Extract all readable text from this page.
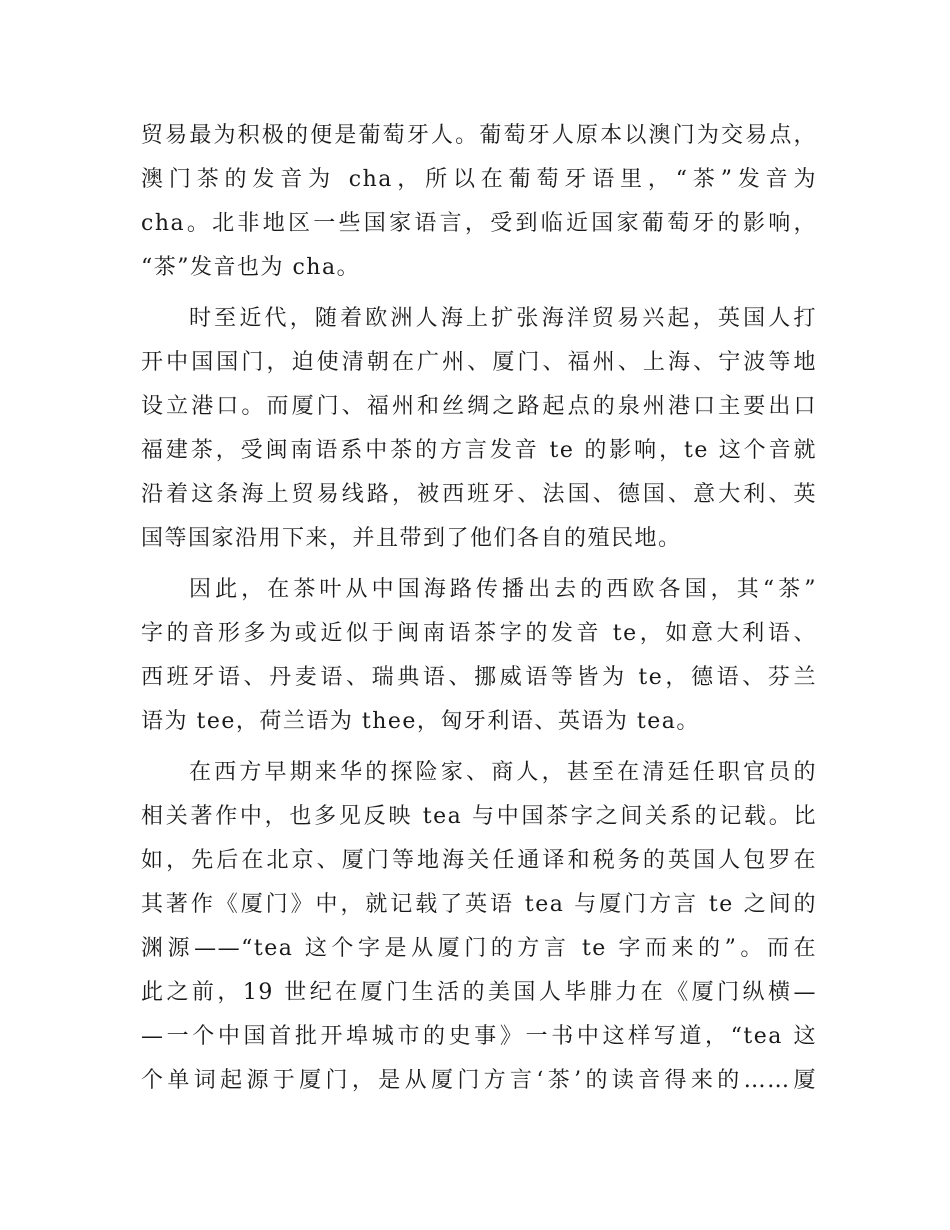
贸易最为积极的便是葡萄牙人。葡萄牙人原本以澳门为交易点，
澳门茶的发音为 cha，所以在葡萄牙语里，“茶”发音为
cha。北非地区一些国家语言，受到临近国家葡萄牙的影响，
“茶”发音也为 cha。
时至近代，随着欧洲人海上扩张海洋贸易兴起，英国人打
开中国国门，迫使清朝在广州、厦门、福州、上海、宁波等地
设立港口。而厦门、福州和丝绸之路起点的泉州港口主要出口
福建茶，受闽南语系中茶的方言发音 te 的影响，te 这个音就
沿着这条海上贸易线路，被西班牙、法国、德国、意大利、英
国等国家沿用下来，并且带到了他们各自的殖民地。
因此，在茶叶从中国海路传播出去的西欧各国，其“茶”
字的音形多为或近似于闽南语茶字的发音 te，如意大利语、
西班牙语、丹麦语、瑞典语、挪威语等皆为 te，德语、芬兰
语为 tee，荷兰语为 thee，匈牙利语、英语为 tea。
在西方早期来华的探险家、商人，甚至在清廷任职官员的
相关著作中，也多见反映 tea 与中国茶字之间关系的记载。比
如，先后在北京、厦门等地海关任通译和税务的英国人包罗在
其著作《厦门》中，就记载了英语 tea 与厦门方言 te 之间的
渊源——“tea 这个字是从厦门的方言 te 字而来的”。而在
此之前，19 世纪在厦门生活的美国人毕腓力在《厦门纵横—
—一个中国首批开埠城市的史事》一书中这样写道，“tea 这
个单词起源于厦门，是从厦门方言‘茶’的读音得来的……厦
